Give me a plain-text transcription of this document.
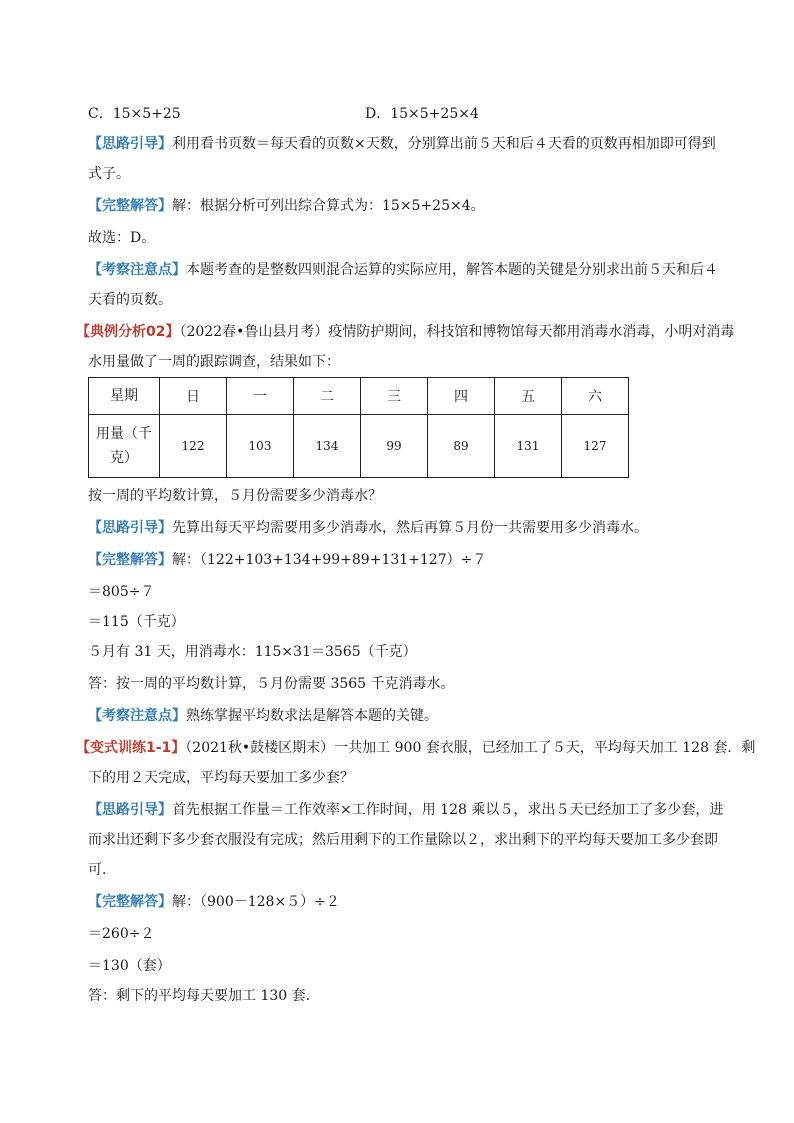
C．15×5+25	D．15×5+25×4
【思路引导】利用看书页数＝每天看的页数×天数，分别算出前５天和后４天看的页数再相加即可得到
式子。
【完整解答】解：根据分析可列出综合算式为：15×5+25×4。
故选：D。
【考察注意点】本题考查的是整数四则混合运算的实际应用，解答本题的关键是分别求出前５天和后４
天看的页数。
【典例分析02】（2022春•鲁山县月考）疫情防护期间，科技馆和博物馆每天都用消毒水消毒，小明对消毒
水用量做了一周的跟踪调查，结果如下：
星期	日	一	二	三	四	五	六

用量（千
克）	122	103	134	99	89	131	127
按一周的平均数计算，５月份需要多少消毒水？
【思路引导】先算出每天平均需要用多少消毒水，然后再算５月份一共需要用多少消毒水。
【完整解答】解：（122+103+134+99+89+131+127）÷７
＝805÷７
＝115（千克）
５月有 31 天，用消毒水：115×31＝3565（千克）
答：按一周的平均数计算，５月份需要 3565 千克消毒水。
【考察注意点】熟练掌握平均数求法是解答本题的关键。
【变式训练1-1】（2021秋•鼓楼区期末）一共加工 900 套衣服，已经加工了５天，平均每天加工 128 套．剩
下的用２天完成，平均每天要加工多少套？
【思路引导】首先根据工作量＝工作效率×工作时间，用 128 乘以５，求出５天已经加工了多少套，进
而求出还剩下多少套衣服没有完成；然后用剩下的工作量除以２，求出剩下的平均每天要加工多少套即
可．
【完整解答】解：（900－128×５）÷２
＝260÷２
＝130（套）
答：剩下的平均每天要加工 130 套．
